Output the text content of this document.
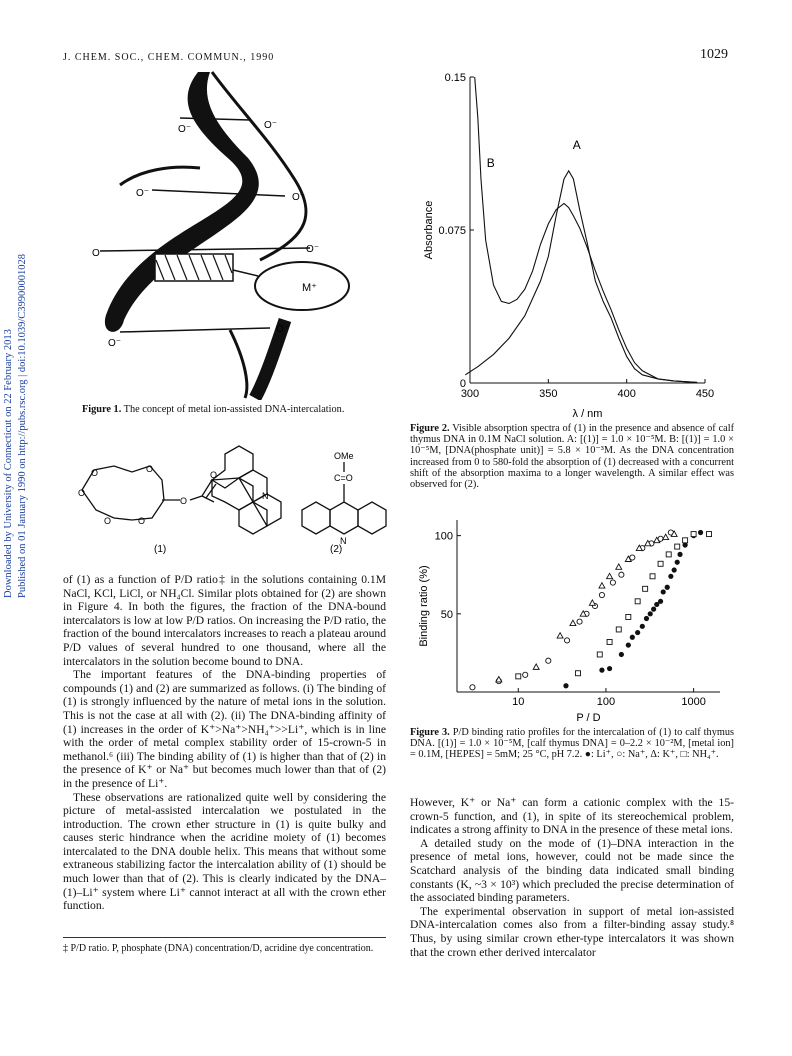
J. CHEM. SOC., CHEM. COMMUN., 1990	1029
Downloaded by University of Connecticut on 22 February 2013 Published on 01 January 1990 on http://pubs.rsc.org | doi:10.1039/C39900001028	M⁺
O⁻	O⁻
O⁻	O⁻
O⁻	O⁻
O⁻
O⁻
Figure 1. The concept of metal ion-assisted DNA-intercalation.
O	O
O
O	O
O
O
N
OMe
C=O
N
(1)	(2)

of (1) as a function of P/D ratio‡ in the solutions containing 0.1M NaCl, KCl, LiCl, or NH₄Cl. Similar plots obtained for (2) are shown in Figure 4. In both the figures, the fraction of the DNA-bound intercalators is low at low P/D ratios. On increasing the P/D ratio, the fraction of the bound intercalators increases to reach a plateau around P/D values of several hundred to one thousand, where all the intercalators in the solution become bound to DNA.

The important features of the DNA-binding properties of compounds (1) and (2) are summarized as follows. (i) The binding of (1) is strongly influenced by the nature of metal ions in the solution. This is not the case at all with (2). (ii) The DNA-binding affinity of (1) increases in the order of K⁺>Na⁺>NH₄⁺>>Li⁺, which is in line with the order of metal complex stability order of 15-crown-5 in methanol.⁶ (iii) The binding ability of (1) is higher than that of (2) in the presence of K⁺ or Na⁺ but becomes much lower than that of (2) in the presence of Li⁺.

These observations are rationalized quite well by considering the picture of metal-assisted intercalation we postulated in the introduction. The crown ether structure in (1) is quite bulky and causes steric hindrance when the acridine moiety of (1) becomes intercalated to the DNA double helix. This means that without some extraneous stabilizing factor the intercalation ability of (1) should be much lower than that of (2). This is clearly indicated by the DNA–(1)–Li⁺ system where Li⁺ cannot interact at all with the crown ether function.

‡ P/D ratio. P, phosphate (DNA) concentration/D, acridine dye concentration.
300	350	400	450
0
0.075
0.15
λ / nm
Absorbance
A
B
Figure 2. Visible absorption spectra of (1) in the presence and absence of calf thymus DNA in 0.1M NaCl solution. A: [(1)] = 1.0 × 10⁻⁵M. B: [(1)] = 1.0 × 10⁻⁵M, [DNA(phosphate unit)] = 5.8 × 10⁻³M. As the DNA concentration increased from 0 to 580-fold the absorption of (1) decreased with a concurrent shift of the absorption maxima to a longer wavelength. A similar effect was observed for (2).
10	100	1000
50
100
P / D
Binding ratio (%)
Figure 3. P/D binding ratio profiles for the intercalation of (1) to calf thymus DNA. [(1)] = 1.0 × 10⁻⁵M, [calf thymus DNA] = 0–2.2 × 10⁻²M, [metal ion] = 0.1M, [HEPES] = 5mM; 25 °C, pH 7.2. ●: Li⁺, ○: Na⁺, Δ: K⁺, □: NH₄⁺.

However, K⁺ or Na⁺ can form a cationic complex with the 15-crown-5 function, and (1), in spite of its stereochemical problem, indicates a strong affinity to DNA in the presence of these metal ions.

A detailed study on the mode of (1)–DNA interaction in the presence of metal ions, however, could not be made since the Scatchard analysis of the binding data indicated small binding constants (K, ~3 × 10³) which precluded the precise determination of the associated binding parameters.

The experimental observation in support of metal ion-assisted DNA-intercalation comes also from a filter-binding assay study.⁸ Thus, by using similar crown ether-type intercalators it was shown that the crown ether derived intercalator
